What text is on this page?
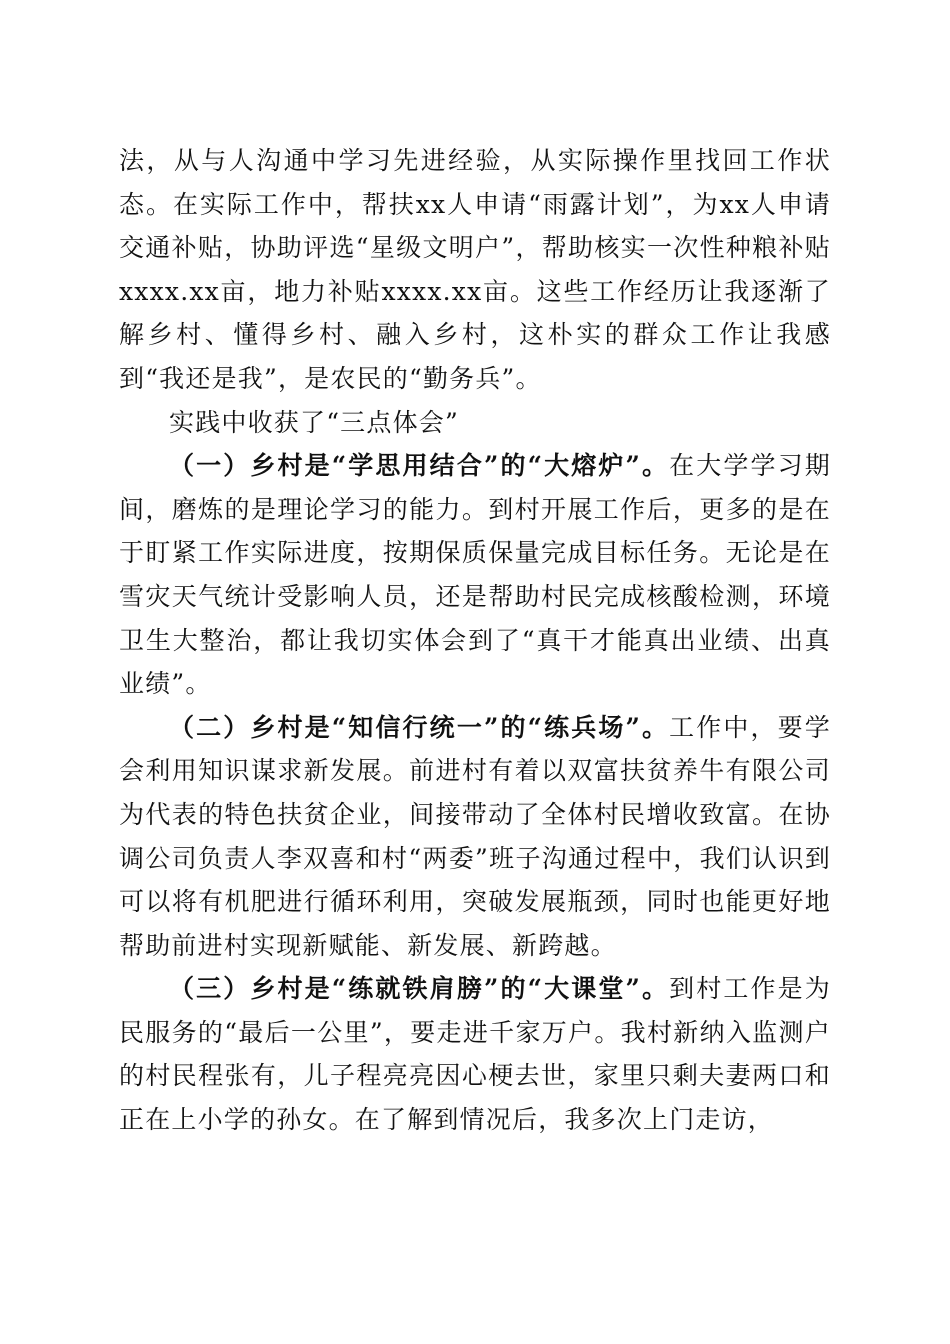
法，从与人沟通中学习先进经验，从实际操作里找回工作状态。在实际工作中，帮扶xx人申请“雨露计划”，为xx人申请交通补贴，协助评选“星级文明户”，帮助核实一次性种粮补贴xxxx.xx亩，地力补贴xxxx.xx亩。这些工作经历让我逐渐了解乡村、懂得乡村、融入乡村，这朴实的群众工作让我感到“我还是我”，是农民的“勤务兵”。

实践中收获了“三点体会”

（一）乡村是“学思用结合”的“大熔炉”。在大学学习期间，磨炼的是理论学习的能力。到村开展工作后，更多的是在于盯紧工作实际进度，按期保质保量完成目标任务。无论是在雪灾天气统计受影响人员，还是帮助村民完成核酸检测，环境卫生大整治，都让我切实体会到了“真干才能真出业绩、出真业绩”。

（二）乡村是“知信行统一”的“练兵场”。工作中，要学会利用知识谋求新发展。前进村有着以双富扶贫养牛有限公司为代表的特色扶贫企业，间接带动了全体村民增收致富。在协调公司负责人李双喜和村“两委”班子沟通过程中，我们认识到可以将有机肥进行循环利用，突破发展瓶颈，同时也能更好地帮助前进村实现新赋能、新发展、新跨越。

（三）乡村是“练就铁肩膀”的“大课堂”。到村工作是为民服务的“最后一公里”，要走进千家万户。我村新纳入监测户的村民程张有，儿子程亮亮因心梗去世，家里只剩夫妻两口和正在上小学的孙女。在了解到情况后，我多次上门走访，
